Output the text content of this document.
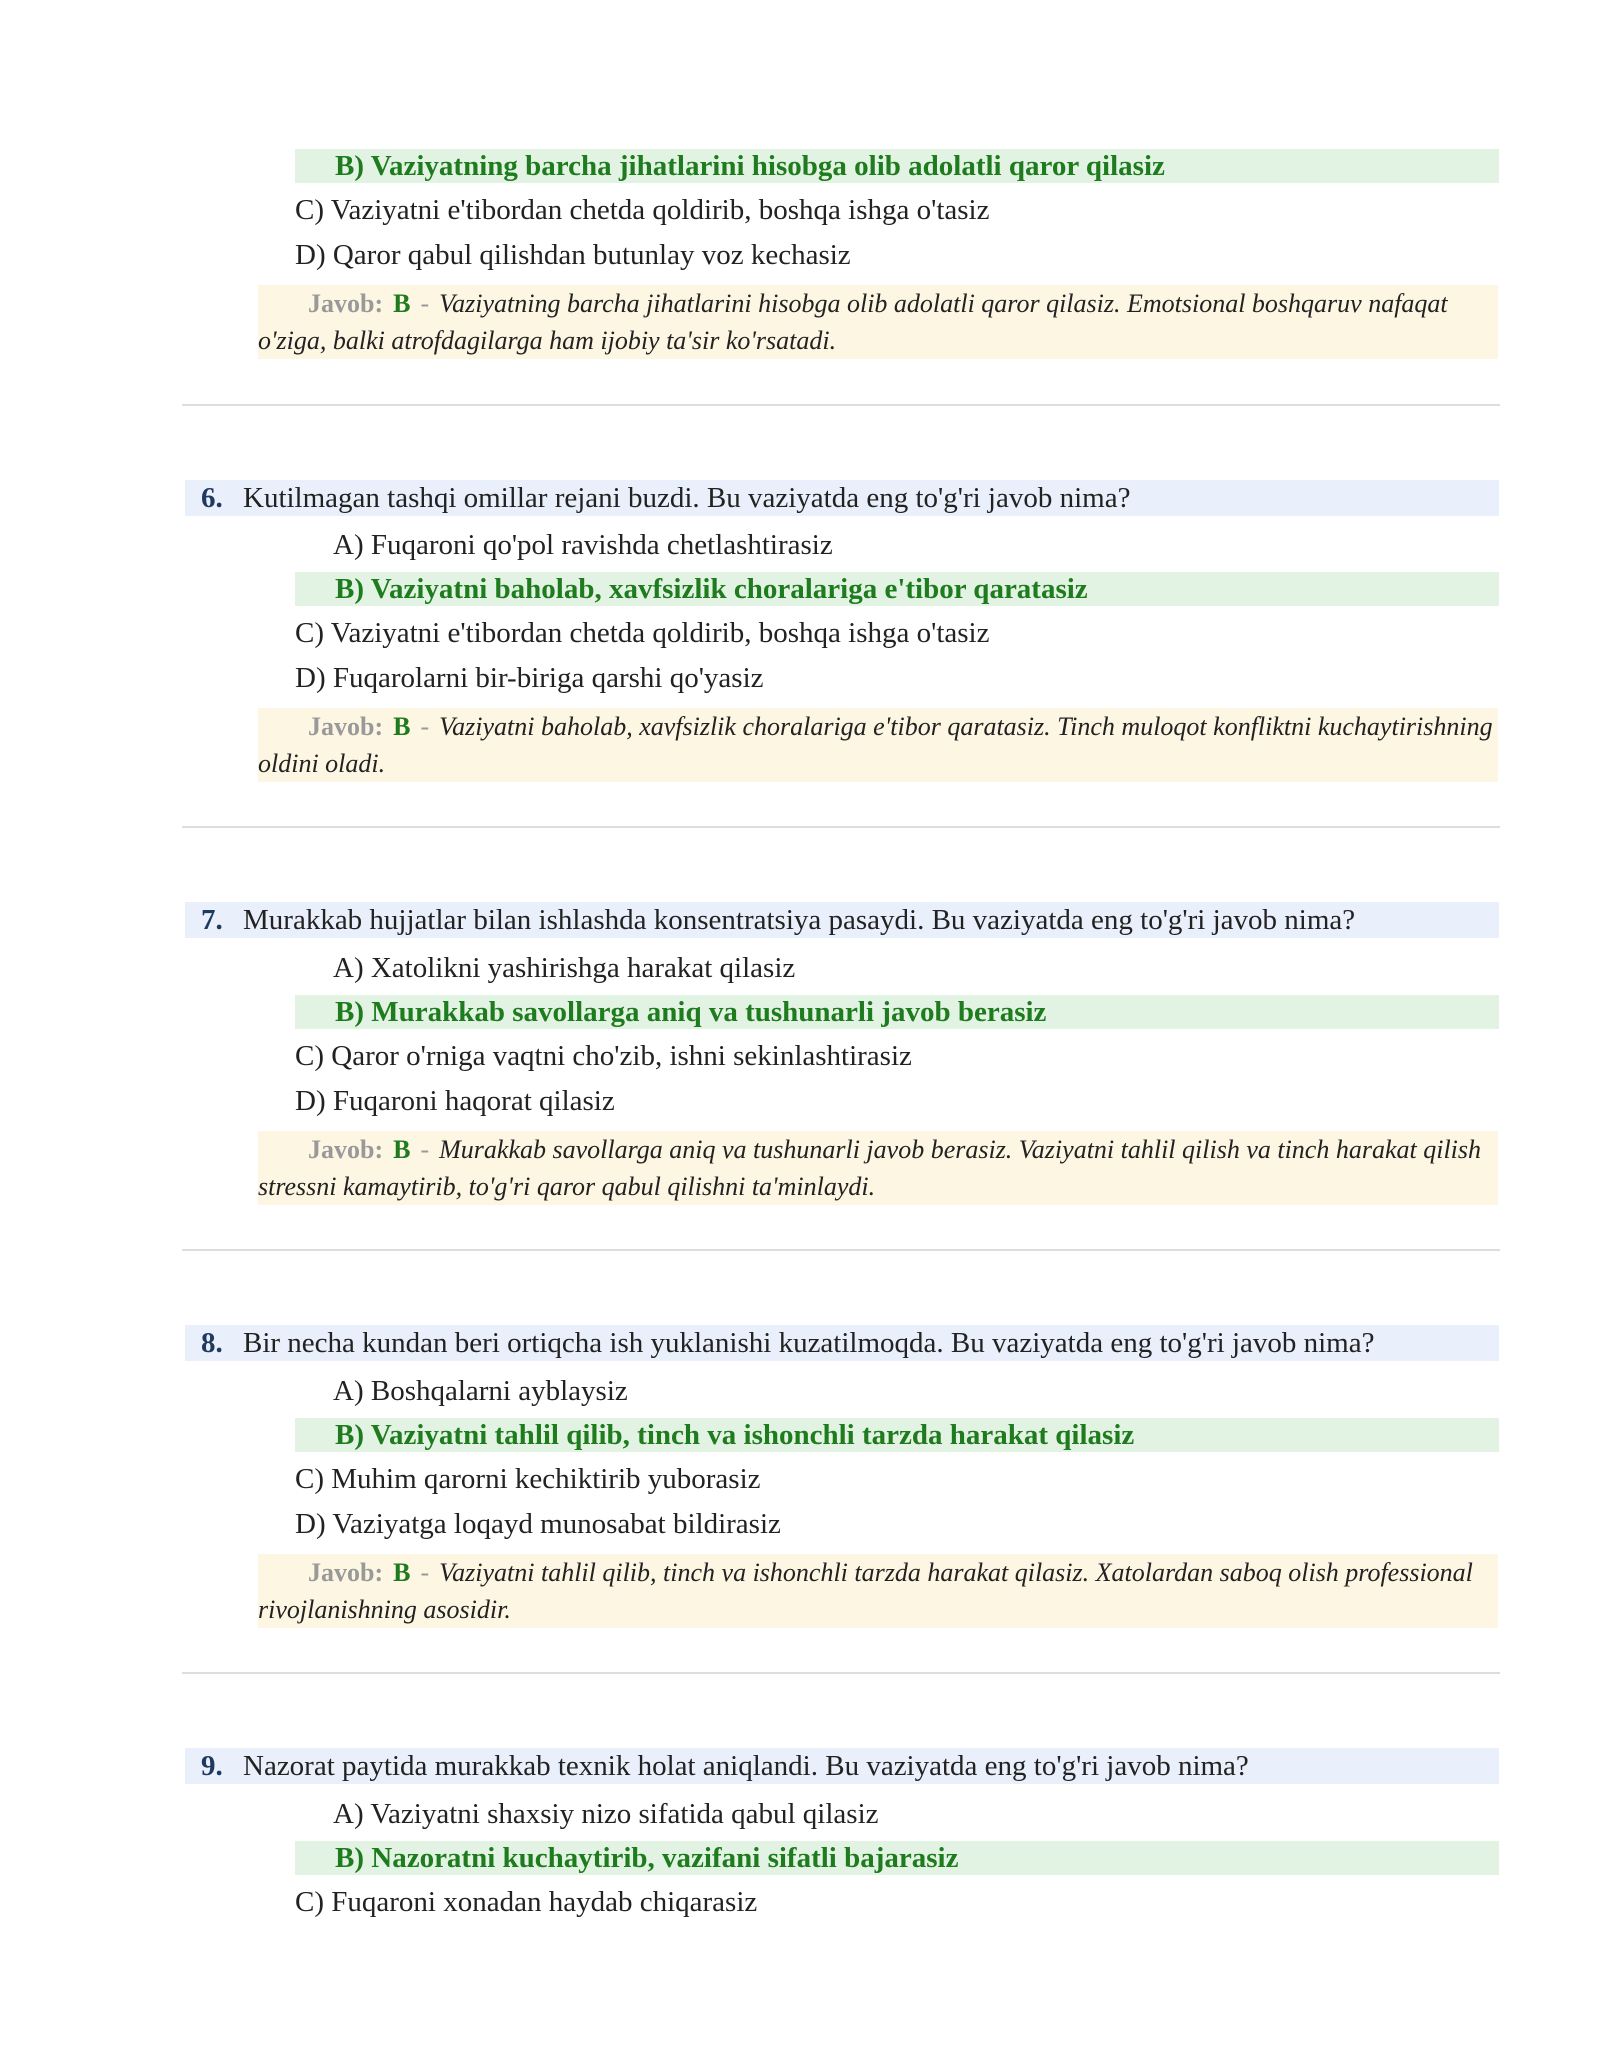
B) Vaziyatning barcha jihatlarini hisobga olib adolatli qaror qilasiz
C) Vaziyatni e'tibordan chetda qoldirib, boshqa ishga o'tasiz
D) Qaror qabul qilishdan butunlay voz kechasiz
Javob: B - Vaziyatning barcha jihatlarini hisobga olib adolatli qaror qilasiz. Emotsional boshqaruv nafaqat o'ziga, balki atrofdagilarga ham ijobiy ta'sir ko'rsatadi.
6. Kutilmagan tashqi omillar rejani buzdi. Bu vaziyatda eng to'g'ri javob nima?
A) Fuqaroni qo'pol ravishda chetlashtirasiz
B) Vaziyatni baholab, xavfsizlik choralariga e'tibor qaratasiz
C) Vaziyatni e'tibordan chetda qoldirib, boshqa ishga o'tasiz
D) Fuqarolarni bir-biriga qarshi qo'yasiz
Javob: B - Vaziyatni baholab, xavfsizlik choralariga e'tibor qaratasiz. Tinch muloqot konfliktni kuchaytirishning oldini oladi.
7. Murakkab hujjatlar bilan ishlashda konsentratsiya pasaydi. Bu vaziyatda eng to'g'ri javob nima?
A) Xatolikni yashirishga harakat qilasiz
B) Murakkab savollarga aniq va tushunarli javob berasiz
C) Qaror o'rniga vaqtni cho'zib, ishni sekinlashtirasiz
D) Fuqaroni haqorat qilasiz
Javob: B - Murakkab savollarga aniq va tushunarli javob berasiz. Vaziyatni tahlil qilish va tinch harakat qilish stressni kamaytirib, to'g'ri qaror qabul qilishni ta'minlaydi.
8. Bir necha kundan beri ortiqcha ish yuklanishi kuzatilmoqda. Bu vaziyatda eng to'g'ri javob nima?
A) Boshqalarni ayblaysiz
B) Vaziyatni tahlil qilib, tinch va ishonchli tarzda harakat qilasiz
C) Muhim qarorni kechiktirib yuborasiz
D) Vaziyatga loqayd munosabat bildirasiz
Javob: B - Vaziyatni tahlil qilib, tinch va ishonchli tarzda harakat qilasiz. Xatolardan saboq olish professional rivojlanishning asosidir.
9. Nazorat paytida murakkab texnik holat aniqlandi. Bu vaziyatda eng to'g'ri javob nima?
A) Vaziyatni shaxsiy nizo sifatida qabul qilasiz
B) Nazoratni kuchaytirib, vazifani sifatli bajarasiz
C) Fuqaroni xonadan haydab chiqarasiz
